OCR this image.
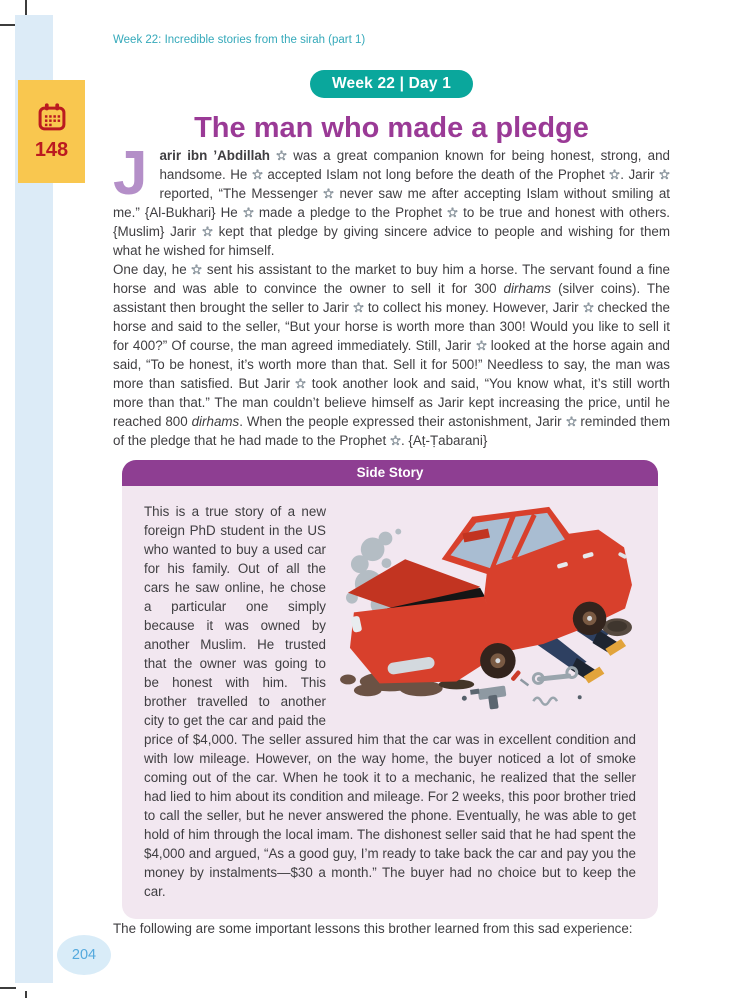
148

Week 22: Incredible stories from the sirah (part 1)

Week 22 | Day 1
The man who made a pledge

Jarir ibn ’Abdillah  was a great companion known for being honest, strong, and handsome. He  accepted Islam not long before the death of the Prophet . Jarir  reported, “The Messenger  never saw me after accepting Islam without smiling at me.” {Al-Bukhari} He  made a pledge to the Prophet  to be true and honest with others. {Muslim} Jarir  kept that pledge by giving sincere advice to people and wishing for them what he wished for himself.

One day, he  sent his assistant to the market to buy him a horse. The servant found a fine horse and was able to convince the owner to sell it for 300 dirhams (silver coins). The assistant then brought the seller to Jarir  to collect his money. However, Jarir  checked the horse and said to the seller, “But your horse is worth more than 300! Would you like to sell it for 400?” Of course, the man agreed immediately. Still, Jarir  looked at the horse again and said, “To be honest, it’s worth more than that. Sell it for 500!” Needless to say, the man was more than satisfied. But Jarir  took another look and said, “You know what, it’s still worth more than that.” The man couldn’t believe himself as Jarir kept increasing the price, until he reached 800 dirhams. When the people expressed their astonishment, Jarir  reminded them of the pledge that he had made to the Prophet . {Aṭ-Ṭabarani}

Side Story

This is a true story of a new foreign PhD student in the US who wanted to buy a used car for his family. Out of all the cars he saw online, he chose a particular one simply because it was owned by another Muslim. He trusted that the owner was going to be honest with him. This brother travelled to another city to get the car and paid the price of $4,000. The seller assured him that the car was in excellent condition and with low mileage. However, on the way home, the buyer noticed a lot of smoke coming out of the car. When he took it to a mechanic, he realized that the seller had lied to him about its condition and mileage. For 2 weeks, this poor brother tried to call the seller, but he never answered the phone. Eventually, he was able to get hold of him through the local imam. The dishonest seller said that he had spent the $4,000 and argued, “As a good guy, I’m ready to take back the car and pay you the money by instalments—$30 a month.” The buyer had no choice but to keep the car.

The following are some important lessons this brother learned from this sad experience:

204
